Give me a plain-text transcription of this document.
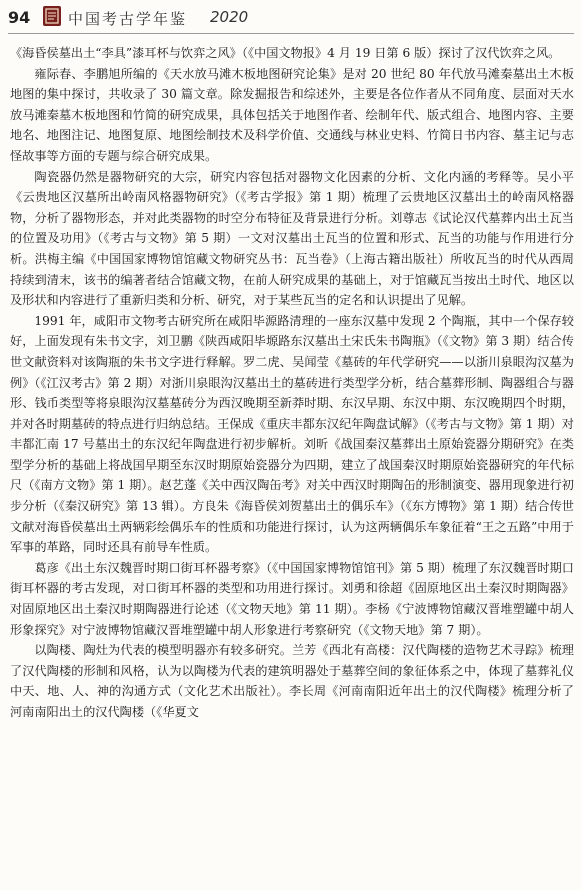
94	中国考古学年鉴 2020

《海昏侯墓出土“李具”漆耳杯与饮弈之风》（《中国文物报》4 月 19 日第 6 版）探讨了汉代饮弈之风。

雍际春、李鹏旭所编的《天水放马滩木板地图研究论集》是对 20 世纪 80 年代放马滩秦墓出土木板地图的集中探讨，共收录了 30 篇文章。除发掘报告和综述外，主要是各位作者从不同角度、层面对天水放马滩秦墓木板地图和竹简的研究成果，具体包括关于地图作者、绘制年代、版式组合、地图内容、主要地名、地图注记、地图复原、地图绘制技术及科学价值、交通线与林业史料、竹简日书内容、墓主记与志怪故事等方面的专题与综合研究成果。

陶瓷器仍然是器物研究的大宗，研究内容包括对器物文化因素的分析、文化内涵的考释等。吴小平《云贵地区汉墓所出岭南风格器物研究》（《考古学报》第 1 期）梳理了云贵地区汉墓出土的岭南风格器物，分析了器物形态，并对此类器物的时空分布特征及背景进行分析。刘尊志《试论汉代墓葬内出土瓦当的位置及功用》（《考古与文物》第 5 期）一文对汉墓出土瓦当的位置和形式、瓦当的功能与作用进行分析。洪梅主编《中国国家博物馆馆藏文物研究丛书：瓦当卷》（上海古籍出版社）所收瓦当的时代从西周持续到清末，该书的编著者结合馆藏文物，在前人研究成果的基础上，对于馆藏瓦当按出土时代、地区以及形状和内容进行了重新归类和分析、研究，对于某些瓦当的定名和认识提出了见解。

1991 年，咸阳市文物考古研究所在咸阳毕源路清理的一座东汉墓中发现 2 个陶瓶，其中一个保存较好，上面发现有朱书文字，刘卫鹏《陕西咸阳毕塬路东汉墓出土宋氏朱书陶瓶》（《文物》第 3 期）结合传世文献资料对该陶瓶的朱书文字进行释解。罗二虎、吴闻莹《墓砖的年代学研究——以浙川泉眼沟汉墓为例》（《江汉考古》第 2 期）对浙川泉眼沟汉墓出土的墓砖进行类型学分析，结合墓葬形制、陶器组合与器形、钱币类型等将泉眼沟汉墓墓砖分为西汉晚期至新莽时期、东汉早期、东汉中期、东汉晚期四个时期，并对各时期墓砖的特点进行归纳总结。王保成《重庆丰都东汉纪年陶盘试解》（《考古与文物》第 1 期）对丰都汇南 17 号墓出土的东汉纪年陶盘进行初步解析。刘昕《战国秦汉墓葬出土原始瓷器分期研究》在类型学分析的基础上将战国早期至东汉时期原始瓷器分为四期，建立了战国秦汉时期原始瓷器研究的年代标尺（《南方文物》第 1 期）。赵艺蓬《关中西汉陶缶考》对关中西汉时期陶缶的形制演变、器用现象进行初步分析（《秦汉研究》第 13 辑）。方良朱《海昏侯刘贺墓出土的偶乐车》（《东方博物》第 1 期）结合传世文献对海昏侯墓出土两辆彩绘偶乐车的性质和功能进行探讨，认为这两辆偶乐车象征着“王之五路”中用于军事的革路，同时还具有前导车性质。

葛彦《出土东汉魏晋时期口街耳杯器考察》（《中国国家博物馆馆刊》第 5 期）梳理了东汉魏晋时期口街耳杯器的考古发现，对口街耳杯器的类型和功用进行探讨。刘勇和徐超《固原地区出土秦汉时期陶器》对固原地区出土秦汉时期陶器进行论述（《文物天地》第 11 期）。李杨《宁波博物馆藏汉晋堆塑罐中胡人形象探究》对宁波博物馆藏汉晋堆塑罐中胡人形象进行考察研究（《文物天地》第 7 期）。

以陶楼、陶灶为代表的模型明器亦有较多研究。兰芳《西北有高楼：汉代陶楼的造物艺术寻踪》梳理了汉代陶楼的形制和风格，认为以陶楼为代表的建筑明器处于墓葬空间的象征体系之中，体现了墓葬礼仪中天、地、人、神的沟通方式（文化艺术出版社）。李长周《河南南阳近年出土的汉代陶楼》梳理分析了河南南阳出土的汉代陶楼（《华夏文
